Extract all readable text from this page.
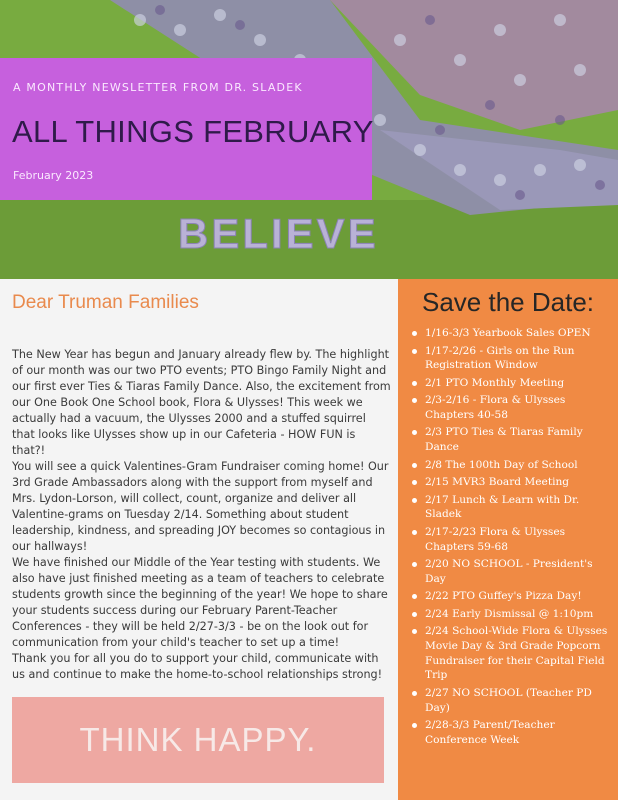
BELIEVE
A MONTHLY NEWSLETTER FROM DR. SLADEK
ALL THINGS FEBRUARY
February 2023
Dear Truman Families

The New Year has begun and January already flew by. The highlight of our month was our two PTO events; PTO Bingo Family Night and our first ever Ties & Tiaras Family Dance. Also, the excitement from our One Book One School book, Flora & Ulysses! This week we actually had a vacuum, the Ulysses 2000 and a stuffed squirrel that looks like Ulysses show up in our Cafeteria - HOW FUN is that?!

You will see a quick Valentines-Gram Fundraiser coming home! Our 3rd Grade Ambassadors along with the support from myself and Mrs. Lydon-Lorson, will collect, count, organize and deliver all Valentine-grams on Tuesday 2/14. Something about student leadership, kindness, and spreading JOY becomes so contagious in our hallways!

We have finished our Middle of the Year testing with students. We also have just finished meeting as a team of teachers to celebrate students growth since the beginning of the year! We hope to share your students success during our February Parent-Teacher Conferences - they will be held 2/27-3/3 - be on the look out for communication from your child's teacher to set up a time!

Thank you for all you do to support your child, communicate with us and continue to make the home-to-school relationships strong!

THINK HAPPY.
Save the Date:
1/16-3/3 Yearbook Sales OPEN
1/17-2/26 - Girls on the Run Registration Window
2/1 PTO Monthly Meeting
2/3-2/16 - Flora & Ulysses Chapters 40-58
2/3 PTO Ties & Tiaras Family Dance
2/8 The 100th Day of School
2/15 MVR3 Board Meeting
2/17 Lunch & Learn with Dr. Sladek
2/17-2/23 Flora & Ulysses Chapters 59-68
2/20 NO SCHOOL - President's Day
2/22 PTO Guffey's Pizza Day!
2/24 Early Dismissal @ 1:10pm
2/24 School-Wide Flora & Ulysses Movie Day & 3rd Grade Popcorn Fundraiser for their Capital Field Trip
2/27 NO SCHOOL (Teacher PD Day)
2/28-3/3 Parent/Teacher Conference Week
